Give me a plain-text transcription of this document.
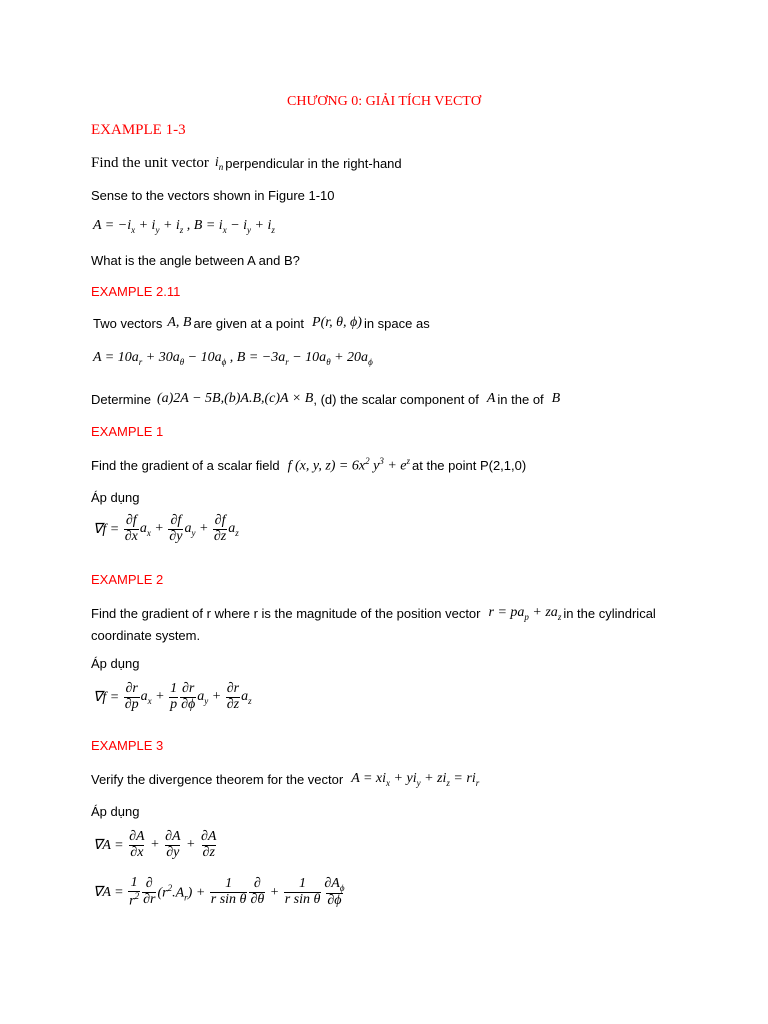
CHƯƠNG 0: GIẢI TÍCH VECTƠ
EXAMPLE 1-3
Find the unit vector $i_n$ perpendicular in the right-hand
Sense to the vectors shown in Figure 1-10
$A = -i_x + i_y + i_z$ , $B = i_x - i_y + i_z$
What is the angle between A and B?
EXAMPLE 2.11
Two vectors A, B are given at a point P(r, θ, ϕ) in space as
$A = 10a_r + 30a_\theta - 10a_\phi$ , $B = -3a_r - 10a_\theta + 20a_\phi$
Determine (a)2A − 5B,(b)A.B,(c)A × B , (d) the scalar component of A in the of B
EXAMPLE 1
Find the gradient of a scalar field f (x, y, $z) = 6x^2$ $y^3 + e^z$ at the point P(2,1,0)
Áp dụng
$\nabla f = \frac{\partial f}{\partial x} a_x + \frac{\partial f}{\partial y} a_y + \frac{\partial f}{\partial z} a_z$
EXAMPLE 2
Find the gradient of r where r is the magnitude of the position vector $r = pa_p + za_z$ in the cylindrical
coordinate system.
Áp dụng
$\nabla f = \frac{\partial r}{\partial p} a_x + \frac{1}{p} \frac{\partial r}{\partial\phi} a_y + \frac{\partial r}{\partial z} a_z$
EXAMPLE 3
Verify the divergence theorem for the vector $A = xi_x + yi_y + zi_z = ri_r$
Áp dụng
$\nabla A = \frac{\partial A}{\partial x} + \frac{\partial A}{\partial y} + \frac{\partial A}{\partial z}$
$\nabla A = \frac{1}{r^2} \frac{\partial}{\partial r} (r^2.A_r) + \frac{1}{\text{r sin θ}} \frac{\partial}{\partial\theta} + \frac{1}{\text{r sin θ}} \frac{\partial A_\phi}{\partial\phi}$
